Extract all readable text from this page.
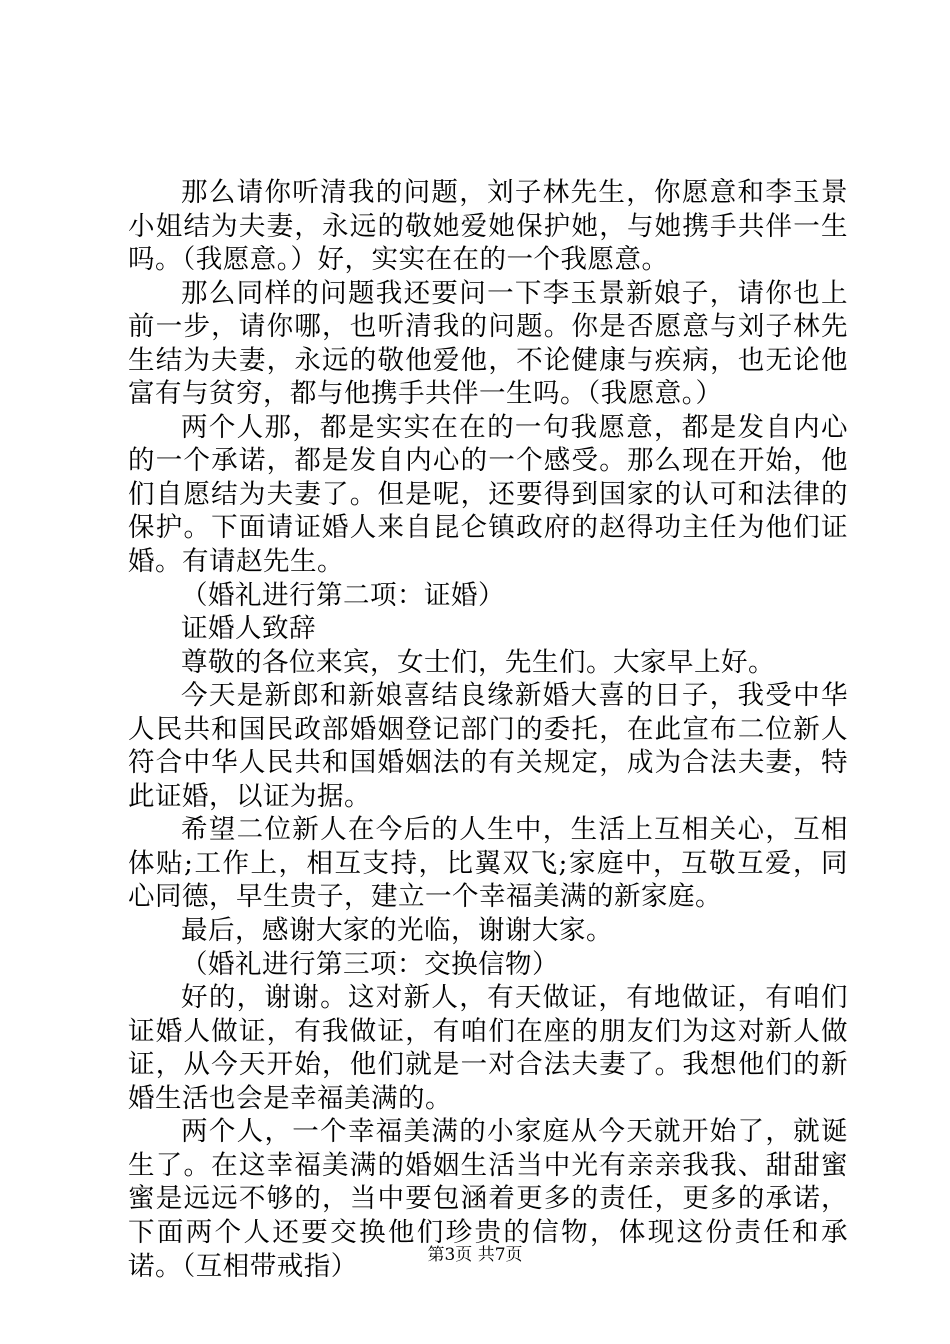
那么请你听清我的问题，刘子林先生，你愿意和李玉景小姐结为夫妻，永远的敬她爱她保护她，与她携手共伴一生吗。（我愿意。）好，实实在在的一个我愿意。

那么同样的问题我还要问一下李玉景新娘子，请你也上前一步，请你哪，也听清我的问题。你是否愿意与刘子林先生结为夫妻，永远的敬他爱他，不论健康与疾病，也无论他富有与贫穷，都与他携手共伴一生吗。（我愿意。）

两个人那，都是实实在在的一句我愿意，都是发自内心的一个承诺，都是发自内心的一个感受。那么现在开始，他们自愿结为夫妻了。但是呢，还要得到国家的认可和法律的保护。下面请证婚人来自昆仑镇政府的赵得功主任为他们证婚。有请赵先生。

（婚礼进行第二项：证婚）

证婚人致辞

尊敬的各位来宾，女士们，先生们。大家早上好。

今天是新郎和新娘喜结良缘新婚大喜的日子，我受中华人民共和国民政部婚姻登记部门的委托，在此宣布二位新人符合中华人民共和国婚姻法的有关规定，成为合法夫妻，特此证婚，以证为据。

希望二位新人在今后的人生中，生活上互相关心，互相体贴;工作上，相互支持，比翼双飞;家庭中，互敬互爱，同心同德，早生贵子，建立一个幸福美满的新家庭。

最后，感谢大家的光临，谢谢大家。

（婚礼进行第三项：交换信物）

好的，谢谢。这对新人，有天做证，有地做证，有咱们证婚人做证，有我做证，有咱们在座的朋友们为这对新人做证，从今天开始，他们就是一对合法夫妻了。我想他们的新婚生活也会是幸福美满的。

两个人，一个幸福美满的小家庭从今天就开始了，就诞生了。在这幸福美满的婚姻生活当中光有亲亲我我、甜甜蜜蜜是远远不够的，当中要包涵着更多的责任，更多的承诺，下面两个人还要交换他们珍贵的信物，体现这份责任和承诺。（互相带戒指）	第3页 共7页
